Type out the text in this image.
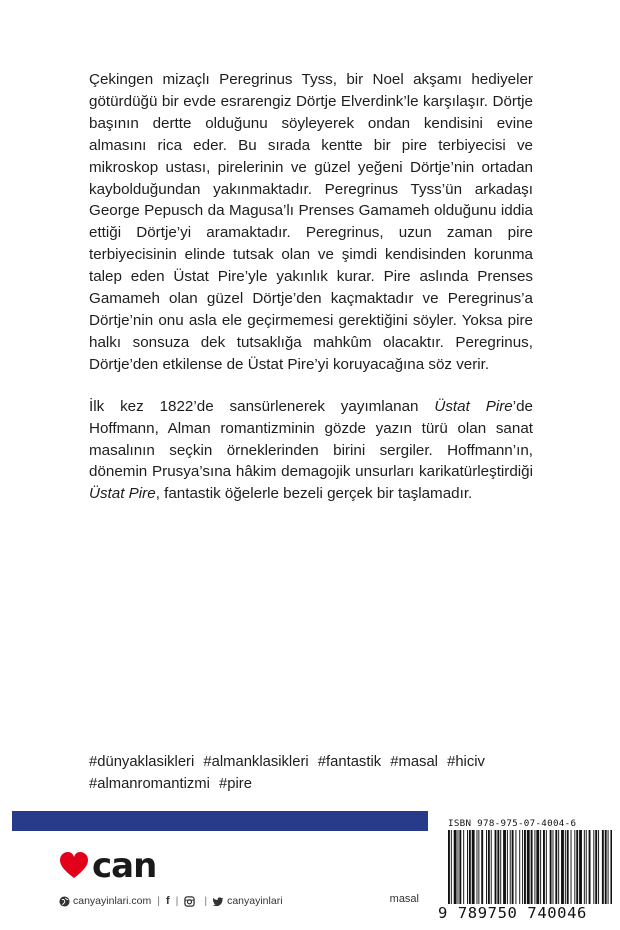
Çekingen mizaçlı Peregrinus Tyss, bir Noel akşamı hediyeler götürdüğü bir evde esrarengiz Dörtje Elverdink’le karşılaşır. Dörtje başının dertte olduğunu söyleyerek ondan kendisini evine almasını rica eder. Bu sırada kentte bir pire terbiyecisi ve mikroskop ustası, pirelerinin ve güzel yeğeni Dörtje’nin ortadan kaybolduğundan yakınmaktadır. Peregrinus Tyss’ün arkadaşı George Pepusch da Magusa’lı Prenses Gamameh olduğunu iddia ettiği Dörtje’yi aramaktadır. Peregrinus, uzun zaman pire terbiyecisinin elinde tutsak olan ve şimdi kendisinden korunma talep eden Üstat Pire’yle yakınlık kurar. Pire aslında Prenses Gamameh olan güzel Dörtje’den kaçmaktadır ve Peregrinus’a Dörtje’nin onu asla ele geçirmemesi gerektiğini söyler. Yoksa pire halkı sonsuza dek tutsaklığa mahkûm olacaktır. Peregrinus, Dörtje’den etkilense de Üstat Pire’yi koruyacağına söz verir.

İlk kez 1822’de sansürlenerek yayımlanan Üstat Pire’de Hoffmann, Alman romantizminin gözde yazın türü olan sanat masalının seçkin örneklerinden birini sergiler. Hoffmann’ın, dönemin Prusya’sına hâkim demagojik unsurları karikatürleştirdiği Üstat Pire, fantastik öğelerle bezeli gerçek bir taşlamadır.

#dünyaklasikleri #almanklasikleri #fantastik #masal #hiciv
#almanromantizmi #pire
can
canyayinlari.com | f | | canyayinlari	masal
ISBN 978-975-07-4004-6
9 789750 740046
